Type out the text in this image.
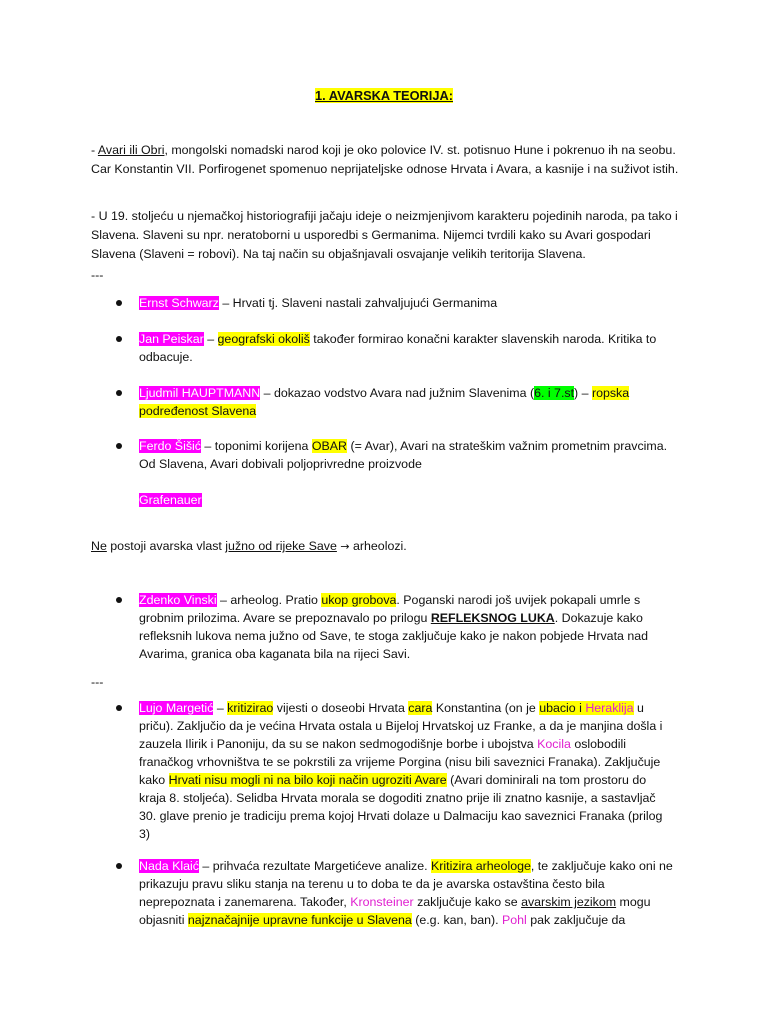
1. AVARSKA TEORIJA:
- Avari ili Obri, mongolski nomadski narod koji je oko polovice IV. st. potisnuo Hune i pokrenuo ih na seobu. Car Konstantin VII. Porfirogenet spomenuo neprijateljske odnose Hrvata i Avara, a kasnije i na suživot istih.
- U 19. stoljeću u njemačkoj historiografiji jačaju ideje o neizmjenjivom karakteru pojedinih naroda, pa tako i Slavena. Slaveni su npr. neratoborni u usporedbi s Germanima. Nijemci tvrdili kako su Avari gospodari Slavena (Slaveni = robovi). Na taj način su objašnjavali osvajanje velikih teritorija Slavena.
---
Ernst Schwarz – Hrvati tj. Slaveni nastali zahvaljujući Germanima
Jan Peiskar – geografski okoliš također formirao konačni karakter slavenskih naroda. Kritika to odbacuje.
Ljudmil HAUPTMANN – dokazao vodstvo Avara nad južnim Slavenima (6. i 7.st) – ropska podređenost Slavena
Ferdo Šišić – toponimi korijena OBAR (= Avar), Avari na strateškim važnim prometnim pravcima. Od Slavena, Avari dobivali poljoprivredne proizvode
Grafenauer
Ne postoji avarska vlast južno od rijeke Save → arheolozi.
Zdenko Vinski – arheolog. Pratio ukop grobova. Poganski narodi još uvijek pokapali umrle s grobnim prilozima. Avare se prepoznavalo po prilogu REFLEKSNOG LUKA. Dokazuje kako refleksnih lukova nema južno od Save, te stoga zaključuje kako je nakon pobjede Hrvata nad Avarima, granica oba kaganata bila na rijeci Savi.
---
Lujo Margetić – kritizirao vijesti o doseobi Hrvata cara Konstantina (on je ubacio i Heraklija u priču). Zaključio da je većina Hrvata ostala u Bijeloj Hrvatskoj uz Franke, a da je manjina došla i zauzela Ilirik i Panoniju, da su se nakon sedmogodišnje borbe i ubojstva Kocila oslobodili franačkog vrhovništva te se pokrstili za vrijeme Porgina (nisu bili saveznici Franaka). Zaključuje kako Hrvati nisu mogli ni na bilo koji način ugroziti Avare (Avari dominirali na tom prostoru do kraja 8. stoljeća). Selidba Hrvata morala se dogoditi znatno prije ili znatno kasnije, a sastavljač 30. glave prenio je tradiciju prema kojoj Hrvati dolaze u Dalmaciju kao saveznici Franaka (prilog 3)
Nada Klaić – prihvaća rezultate Margetićeve analize. Kritizira arheologe, te zaključuje kako oni ne prikazuju pravu sliku stanja na terenu u to doba te da je avarska ostavština često bila neprepoznata i zanemarena. Također, Kronsteiner zaključuje kako se avarskim jezikom mogu objasniti najznačajnije upravne funkcije u Slavena (e.g. kan, ban). Pohl pak zaključuje da
